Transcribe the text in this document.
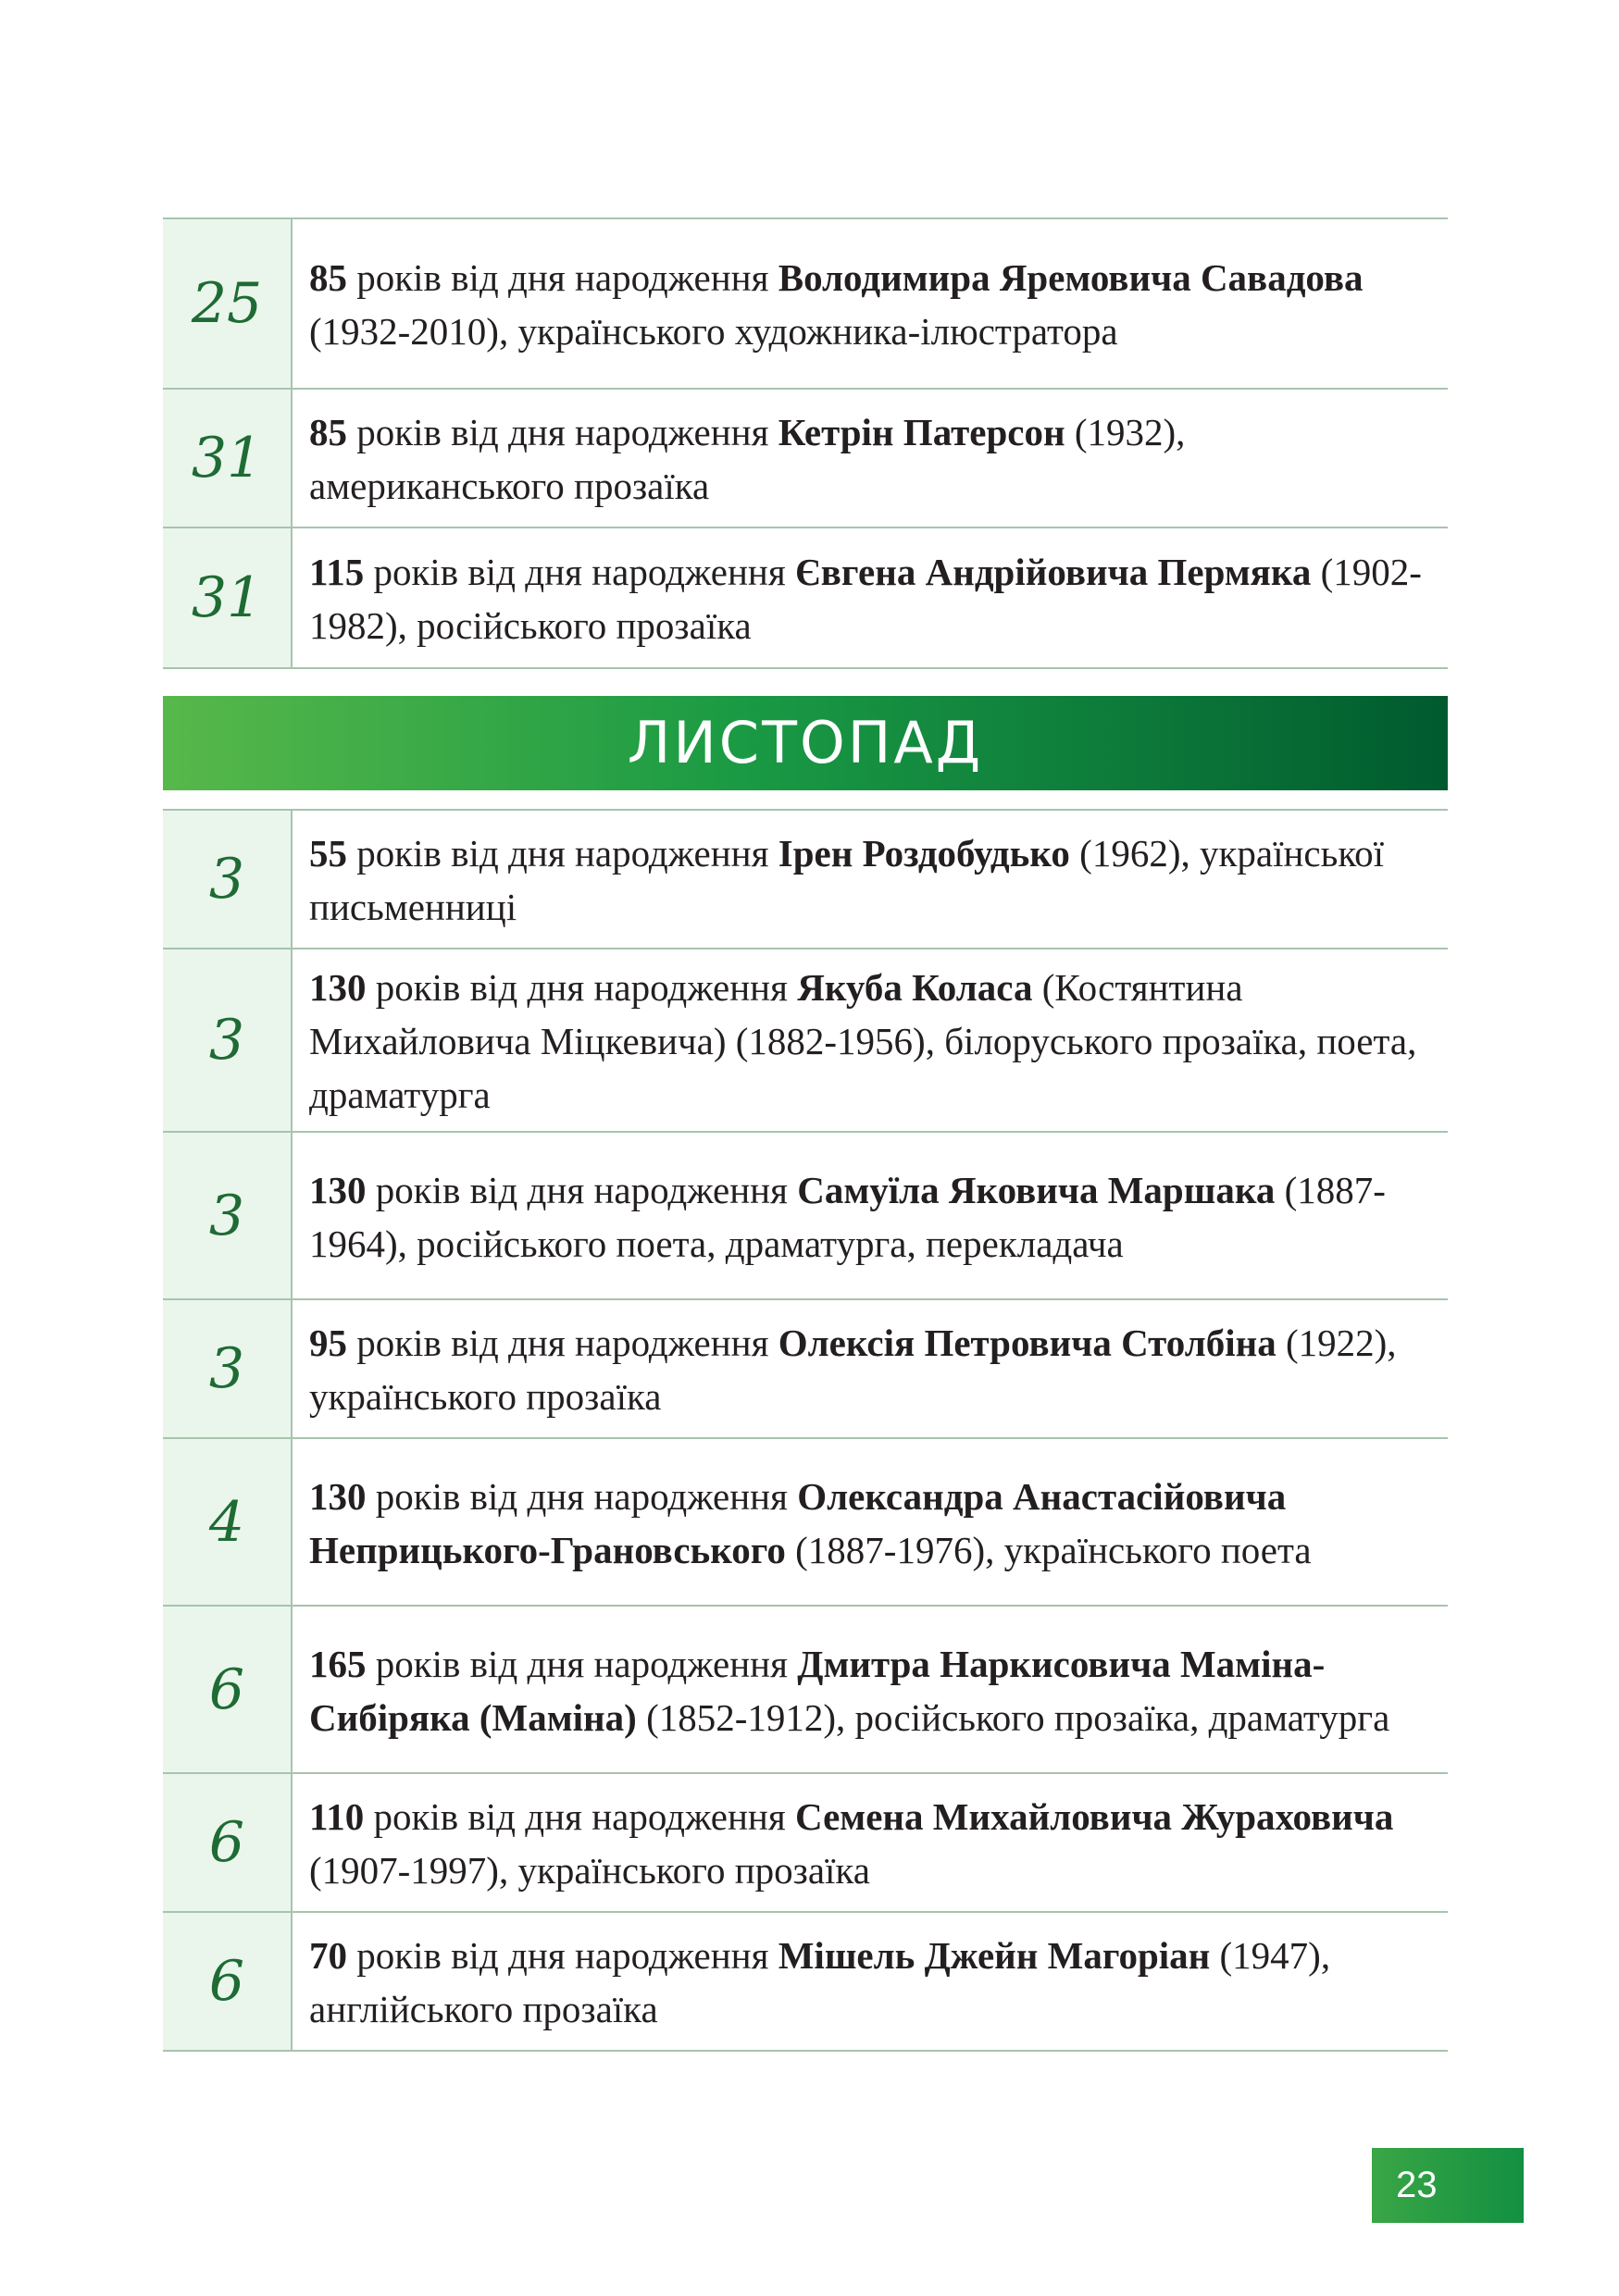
25	85 років від дня народження Володимира Яремовича Савадова (1932-2010), українського художника-ілюстратора
31	85 років від дня народження Кетрін Патерсон (1932), американського прозаїка
31	115 років від дня народження Євгена Андрійовича Пермяка (1902-1982), російського прозаїка
ЛИСТОПАД
3	55 років від дня народження Ірен Роздобудько (1962), української письменниці
3	130 років від дня народження Якуба Коласа (Костянтина Михайловича Міцкевича) (1882-1956), білоруського прозаїка, поета, драматурга
3	130 років від дня народження Самуїла Яковича Маршака (1887-1964), російського поета, драматурга, перекладача
3	95 років від дня народження Олексія Петровича Столбіна (1922), українського прозаїка
4	130 років від дня народження Олександра Анастасійовича Неприцького-Грановського (1887-1976), українського поета
6	165 років від дня народження Дмитра Наркисовича Маміна-Сибіряка (Маміна) (1852-1912), російського прозаїка, драматурга
6	110 років від дня народження Семена Михайловича Жураховича (1907-1997), українського прозаїка
6	70 років від дня народження Мішель Джейн Магоріан (1947), англійського прозаїка
23
